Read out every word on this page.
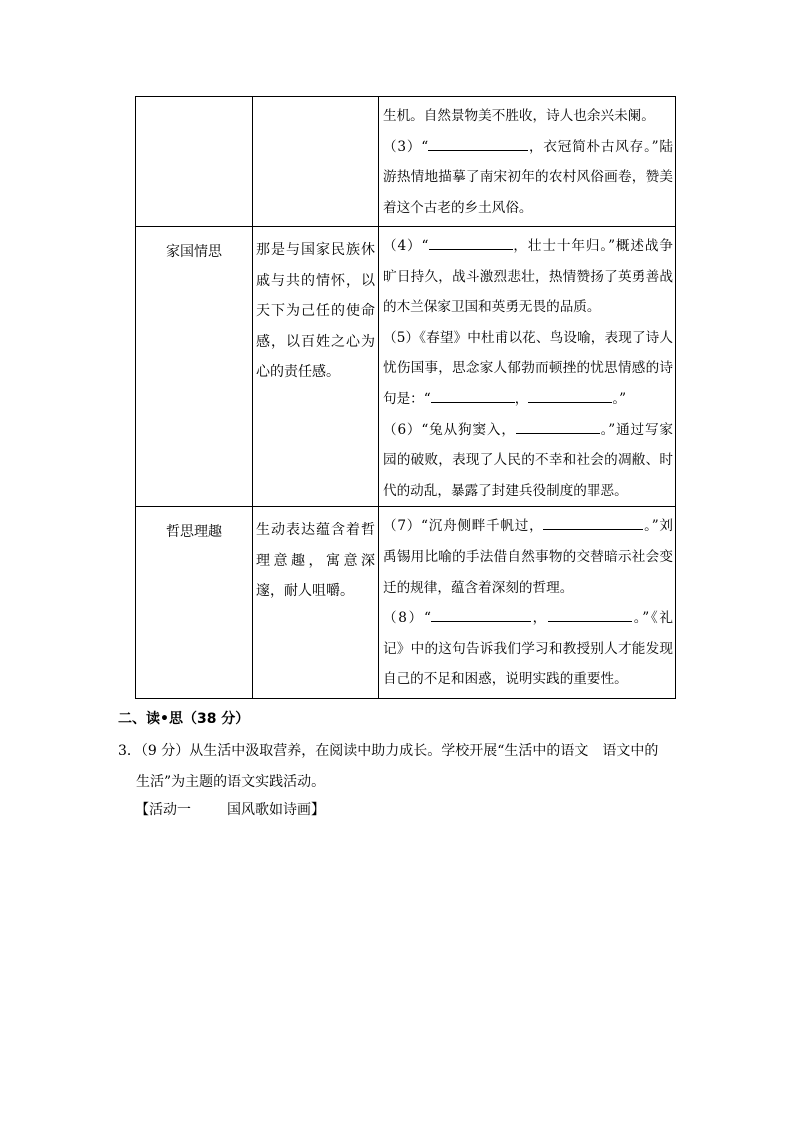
		生机。自然景物美不胜收，诗人也余兴未阑。

（3）“ ，衣冠简朴古风存。”陆游热情地描摹了南宋初年的农村风俗画卷，赞美着这个古老的乡土风俗。

家国情思	那是与国家民族休戚与共的情怀，以天下为己任的使命感，以百姓之心为心的责任感。	（4）“ ，壮士十年归。”概述战争旷日持久，战斗激烈悲壮，热情赞扬了英勇善战的木兰保家卫国和英勇无畏的品质。

（5）《春望》中杜甫以花、鸟设喻，表现了诗人忧伤国事，思念家人郁勃而顿挫的忧思情感的诗句是：“ ， 。”

（6）“兔从狗窦入， 。”通过写家园的破败，表现了人民的不幸和社会的凋敝、时代的动乱，暴露了封建兵役制度的罪恶。

哲思理趣	生动表达蕴含着哲理意趣，寓意深邃，耐人咀嚼。	（7）“沉舟侧畔千帆过， 。”刘禹锡用比喻的手法借自然事物的交替暗示社会变迁的规律，蕴含着深刻的哲理。

（8）“ ， 。”《礼记》中的这句告诉我们学习和教授别人才能发现自己的不足和困惑，说明实践的重要性。

二、读•思（38 分）
3．（9 分）从生活中汲取营养，在阅读中助力成长。学校开展“生活中的语文　语文中的
生活”为主题的语文实践活动。
【活动一	国风歌如诗画】
